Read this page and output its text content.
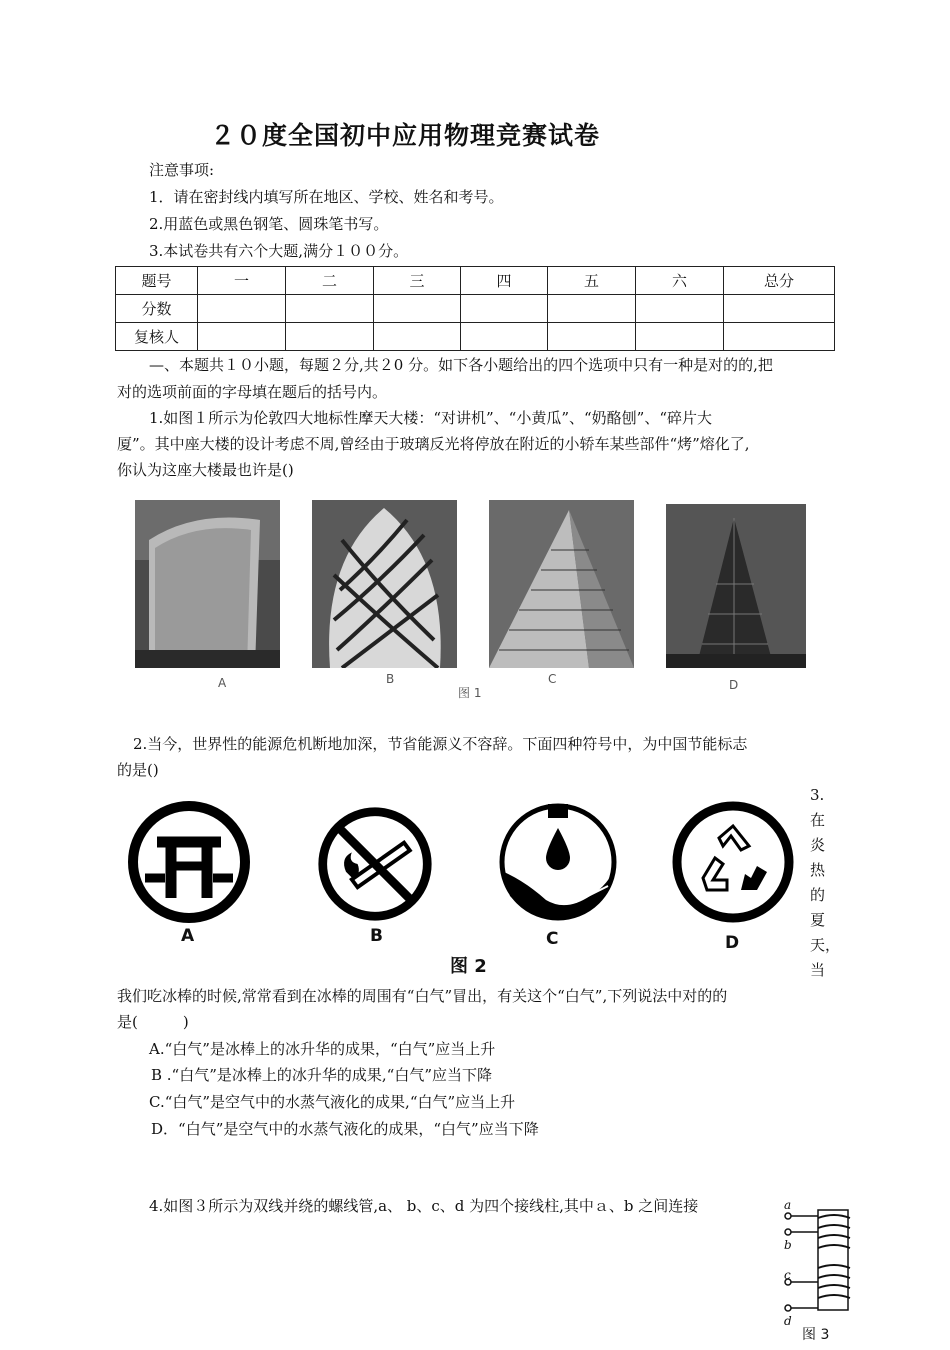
２０度全国初中应用物理竞赛试卷
注意事项:
1．请在密封线内填写所在地区、学校、姓名和考号。
2.用蓝色或黑色钢笔、圆珠笔书写。
3.本试卷共有六个大题,满分１００分。
题号	一	二	三	四	五	六	总分
分数							
复核人							
—、本题共１０小题，每题２分,共２0 分。如下各小题给出的四个选项中只有一种是对的的,把
对的选项前面的字母填在题后的括号内。
1.如图１所示为伦敦四大地标性摩天大楼：“对讲机”、“小黄瓜”、“奶酪刨”、“碎片大
厦”。其中座大楼的设计考虑不周,曾经由于玻璃反光将停放在附近的小轿车某些部件“烤”熔化了,
你认为这座大楼最也许是()
A	B
图 1
C	D
2.当今，世界性的能源危机断地加深，节省能源义不容辞。下面四种符号中，为中国节能标志
的是()
A	B	C	D
图 2
3.
在
炎
热
的
夏
天，
当
我们吃冰棒的时候,常常看到在冰棒的周围有“白气”冒出，有关这个“白气”,下列说法中对的的
是(　　　)
A.“白气”是冰棒上的冰升华的成果，“白气”应当上升
B .“白气”是冰棒上的冰升华的成果,“白气”应当下降
C.“白气”是空气中的水蒸气液化的成果,“白气”应当上升
D．“白气”是空气中的水蒸气液化的成果，“白气”应当下降
4.如图３所示为双线并绕的螺线管,a、 b、c、d 为四个接线柱,其中ａ、b 之间连接	a
b
c
d
图 3
